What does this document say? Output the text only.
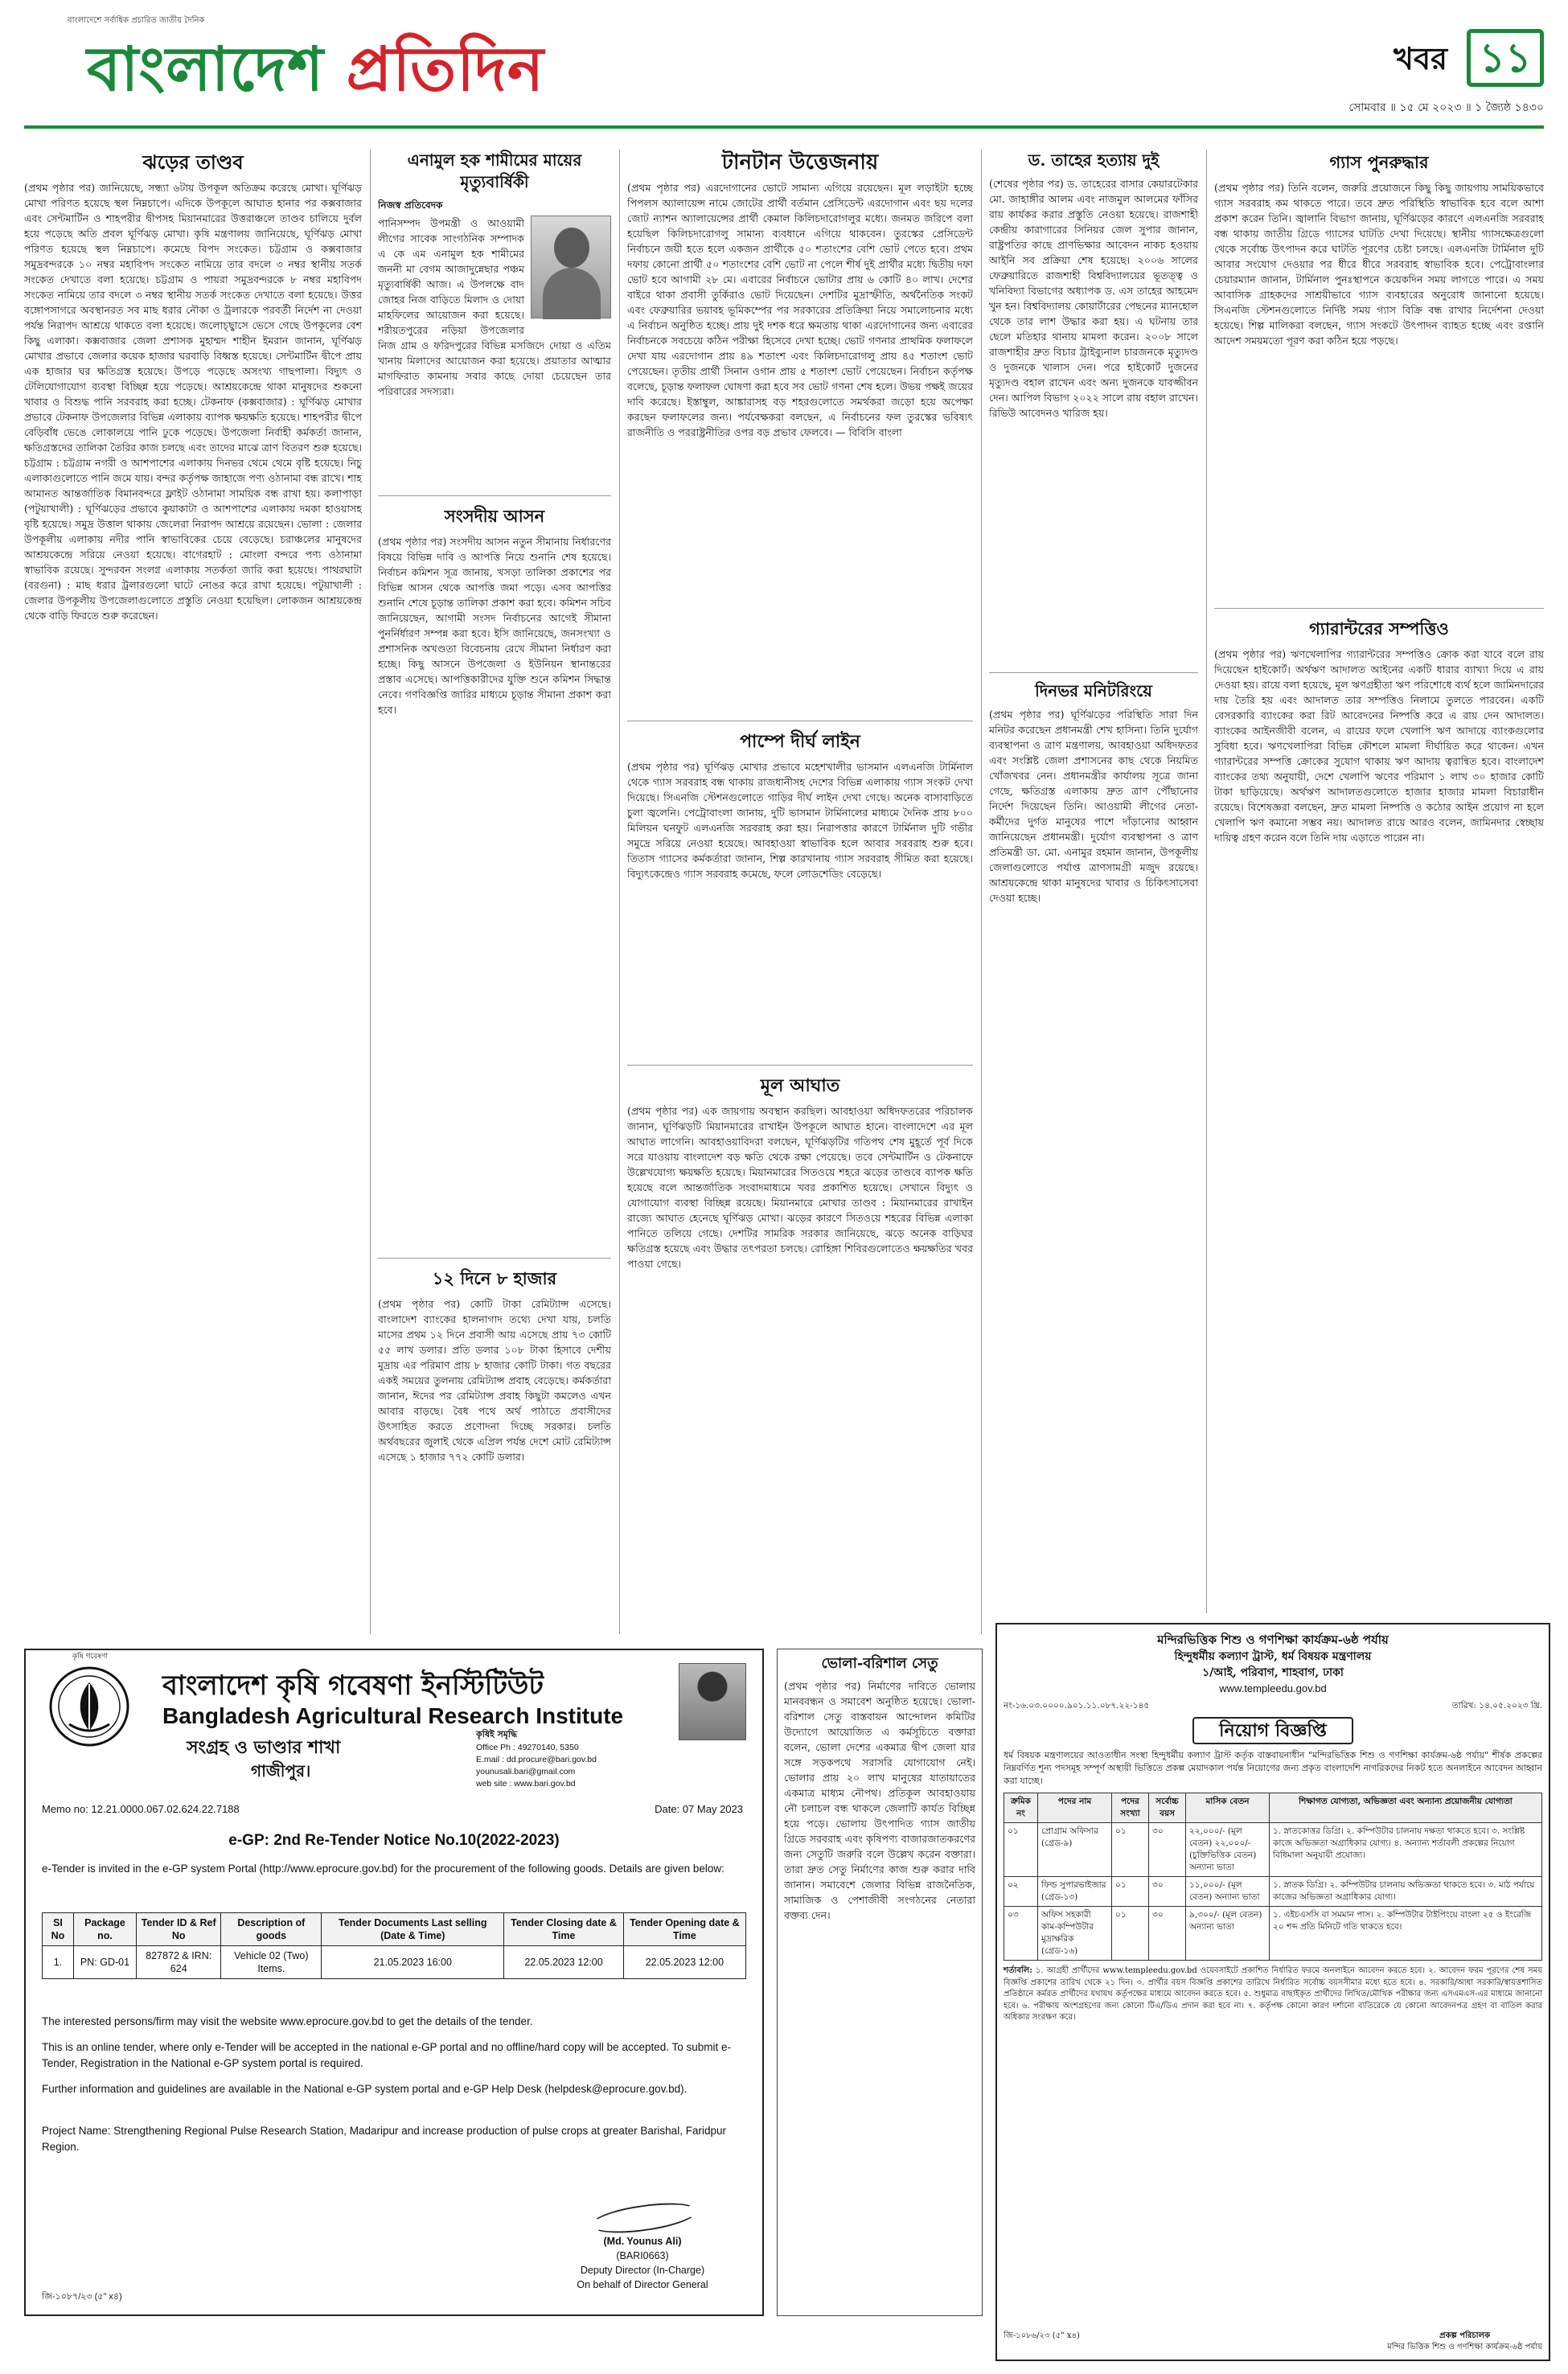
বাংলাদেশে সর্বাধিক প্রচারিত জাতীয় দৈনিক
বাংলাদেশ প্রতিদিন	খবর ১১
সোমবার ॥ ১৫ মে ২০২৩ ॥ ১ জ্যৈষ্ঠ ১৪৩০
ঝড়ের তাণ্ডব
(প্রথম পৃষ্ঠার পর) জানিয়েছে, সন্ধ্যা ৬টায় উপকূল অতিক্রম করেছে মোখা। ঘূর্ণিঝড় মোখা পরিণত হয়েছে স্থল নিম্নচাপে। এদিকে উপকূলে আঘাত হানার পর কক্সবাজার এবং সেন্টমার্টিন ও শাহপরীর দ্বীপসহ মিয়ানমারের উত্তরাঞ্চলে তাণ্ডব চালিয়ে দুর্বল হয়ে পড়েছে অতি প্রবল ঘূর্ণিঝড় মোখা। কৃষি মন্ত্রণালয় জানিয়েছে, ঘূর্ণিঝড় মোখা পরিণত হয়েছে স্থল নিম্নচাপে। কমেছে বিপদ সংকেত। চট্টগ্রাম ও কক্সবাজার সমুদ্রবন্দরকে ১০ নম্বর মহাবিপদ সংকেত নামিয়ে তার বদলে ৩ নম্বর স্থানীয় সতর্ক সংকেত দেখাতে বলা হয়েছে। চট্টগ্রাম ও পায়রা সমুদ্রবন্দরকে ৮ নম্বর মহাবিপদ সংকেত নামিয়ে তার বদলে ৩ নম্বর স্থানীয় সতর্ক সংকেত দেখাতে বলা হয়েছে। উত্তর বঙ্গোপসাগরে অবস্থানরত সব মাছ ধরার নৌকা ও ট্রলারকে পরবর্তী নির্দেশ না দেওয়া পর্যন্ত নিরাপদ আশ্রয়ে থাকতে বলা হয়েছে। জলোচ্ছ্বাসে ভেসে গেছে উপকূলের বেশ কিছু এলাকা। কক্সবাজার জেলা প্রশাসক মুহাম্মদ শাহীন ইমরান জানান, ঘূর্ণিঝড় মোখার প্রভাবে জেলার কয়েক হাজার ঘরবাড়ি বিধ্বস্ত হয়েছে। সেন্টমার্টিন দ্বীপে প্রায় এক হাজার ঘর ক্ষতিগ্রস্ত হয়েছে। উপড়ে পড়েছে অসংখ্য গাছপালা। বিদ্যুৎ ও টেলিযোগাযোগ ব্যবস্থা বিচ্ছিন্ন হয়ে পড়েছে। আশ্রয়কেন্দ্রে থাকা মানুষদের শুকনো খাবার ও বিশুদ্ধ পানি সরবরাহ করা হচ্ছে। টেকনাফ (কক্সবাজার) : ঘূর্ণিঝড় মোখার প্রভাবে টেকনাফ উপজেলার বিভিন্ন এলাকায় ব্যাপক ক্ষয়ক্ষতি হয়েছে। শাহপরীর দ্বীপে বেড়িবাঁধ ভেঙে লোকালয়ে পানি ঢুকে পড়েছে। উপজেলা নির্বাহী কর্মকর্তা জানান, ক্ষতিগ্রস্তদের তালিকা তৈরির কাজ চলছে এবং তাদের মাঝে ত্রাণ বিতরণ শুরু হয়েছে। চট্টগ্রাম : চট্টগ্রাম নগরী ও আশপাশের এলাকায় দিনভর থেমে থেমে বৃষ্টি হয়েছে। নিচু এলাকাগুলোতে পানি জমে যায়। বন্দর কর্তৃপক্ষ জাহাজে পণ্য ওঠানামা বন্ধ রাখে। শাহ আমানত আন্তর্জাতিক বিমানবন্দরে ফ্লাইট ওঠানামা সাময়িক বন্ধ রাখা হয়। কলাপাড়া (পটুয়াখালী) : ঘূর্ণিঝড়ের প্রভাবে কুয়াকাটা ও আশপাশের এলাকায় দমকা হাওয়াসহ বৃষ্টি হয়েছে। সমুদ্র উত্তাল থাকায় জেলেরা নিরাপদ আশ্রয়ে রয়েছেন। ভোলা : জেলার উপকূলীয় এলাকায় নদীর পানি স্বাভাবিকের চেয়ে বেড়েছে। চরাঞ্চলের মানুষদের আশ্রয়কেন্দ্রে সরিয়ে নেওয়া হয়েছে। বাগেরহাট : মোংলা বন্দরে পণ্য ওঠানামা স্বাভাবিক রয়েছে। সুন্দরবন সংলগ্ন এলাকায় সতর্কতা জারি করা হয়েছে। পাথরঘাটা (বরগুনা) : মাছ ধরার ট্রলারগুলো ঘাটে নোঙর করে রাখা হয়েছে। পটুয়াখালী : জেলার উপকূলীয় উপজেলাগুলোতে প্রস্তুতি নেওয়া হয়েছিল। লোকজন আশ্রয়কেন্দ্র থেকে বাড়ি ফিরতে শুরু করেছেন।
এনামুল হক শামীমের মায়ের মৃত্যুবার্ষিকী
নিজস্ব প্রতিবেদক
পানিসম্পদ উপমন্ত্রী ও আওয়ামী লীগের সাবেক সাংগঠনিক সম্পাদক এ কে এম এনামুল হক শামীমের জননী মা বেগম আজাদুন্নেছার পঞ্চম মৃত্যুবার্ষিকী আজ। এ উপলক্ষে বাদ জোহর নিজ বাড়িতে মিলাদ ও দোয়া মাহফিলের আয়োজন করা হয়েছে। শরীয়তপুরের নড়িয়া উপজেলার নিজ গ্রাম ও ফরিদপুরের বিভিন্ন মসজিদে দোয়া ও এতিম খানায় মিলাদের আয়োজন করা হয়েছে। প্রয়াতার আত্মার মাগফিরাত কামনায় সবার কাছে দোয়া চেয়েছেন তার পরিবারের সদস্যরা।
সংসদীয় আসন
(প্রথম পৃষ্ঠার পর) সংসদীয় আসন নতুন সীমানায় নির্ধারণের বিষয়ে বিভিন্ন দাবি ও আপত্তি নিয়ে শুনানি শেষ হয়েছে। নির্বাচন কমিশন সূত্র জানায়, খসড়া তালিকা প্রকাশের পর বিভিন্ন আসন থেকে আপত্তি জমা পড়ে। এসব আপত্তির শুনানি শেষে চূড়ান্ত তালিকা প্রকাশ করা হবে। কমিশন সচিব জানিয়েছেন, আগামী সংসদ নির্বাচনের আগেই সীমানা পুনর্নির্ধারণ সম্পন্ন করা হবে। ইসি জানিয়েছে, জনসংখ্যা ও প্রশাসনিক অখণ্ডতা বিবেচনায় রেখে সীমানা নির্ধারণ করা হচ্ছে। কিছু আসনে উপজেলা ও ইউনিয়ন স্থানান্তরের প্রস্তাব এসেছে। আপত্তিকারীদের যুক্তি শুনে কমিশন সিদ্ধান্ত নেবে। গণবিজ্ঞপ্তি জারির মাধ্যমে চূড়ান্ত সীমানা প্রকাশ করা হবে।
১২ দিনে ৮ হাজার
(প্রথম পৃষ্ঠার পর) কোটি টাকা রেমিট্যান্স এসেছে। বাংলাদেশ ব্যাংকের হালনাগাদ তথ্যে দেখা যায়, চলতি মাসের প্রথম ১২ দিনে প্রবাসী আয় এসেছে প্রায় ৭৩ কোটি ৫৫ লাখ ডলার। প্রতি ডলার ১০৮ টাকা হিসাবে দেশীয় মুদ্রায় এর পরিমাণ প্রায় ৮ হাজার কোটি টাকা। গত বছরের একই সময়ের তুলনায় রেমিট্যান্স প্রবাহ বেড়েছে। কর্মকর্তারা জানান, ঈদের পর রেমিট্যান্স প্রবাহ কিছুটা কমলেও এখন আবার বাড়ছে। বৈধ পথে অর্থ পাঠাতে প্রবাসীদের উৎসাহিত করতে প্রণোদনা দিচ্ছে সরকার। চলতি অর্থবছরের জুলাই থেকে এপ্রিল পর্যন্ত দেশে মোট রেমিট্যান্স এসেছে ১ হাজার ৭৭২ কোটি ডলার।
টানটান উত্তেজনায়
(প্রথম পৃষ্ঠার পর) এরদোগানের ভোটে সামান্য এগিয়ে রয়েছেন। মূল লড়াইটা হচ্ছে পিপলস অ্যালায়েন্স নামে জোটের প্রার্থী বর্তমান প্রেসিডেন্ট এরদোগান এবং ছয় দলের জোট ন্যাশন অ্যালায়েন্সের প্রার্থী কেমাল কিলিচদারোগলুর মধ্যে। জনমত জরিপে বলা হয়েছিল কিলিচদারোগলু সামান্য ব্যবধানে এগিয়ে থাকবেন। তুরস্কের প্রেসিডেন্ট নির্বাচনে জয়ী হতে হলে একজন প্রার্থীকে ৫০ শতাংশের বেশি ভোট পেতে হবে। প্রথম দফায় কোনো প্রার্থী ৫০ শতাংশের বেশি ভোট না পেলে শীর্ষ দুই প্রার্থীর মধ্যে দ্বিতীয় দফা ভোট হবে আগামী ২৮ মে। এবারের নির্বাচনে ভোটার প্রায় ৬ কোটি ৪০ লাখ। দেশের বাইরে থাকা প্রবাসী তুর্কিরাও ভোট দিয়েছেন। দেশটির মুদ্রাস্ফীতি, অর্থনৈতিক সংকট এবং ফেব্রুয়ারির ভয়াবহ ভূমিকম্পের পর সরকারের প্রতিক্রিয়া নিয়ে সমালোচনার মধ্যে এ নির্বাচন অনুষ্ঠিত হচ্ছে। প্রায় দুই দশক ধরে ক্ষমতায় থাকা এরদোগানের জন্য এবারের নির্বাচনকে সবচেয়ে কঠিন পরীক্ষা হিসেবে দেখা হচ্ছে। ভোট গণনার প্রাথমিক ফলাফলে দেখা যায় এরদোগান প্রায় ৪৯ শতাংশ এবং কিলিচদারোগলু প্রায় ৪৫ শতাংশ ভোট পেয়েছেন। তৃতীয় প্রার্থী সিনান ওগান প্রায় ৫ শতাংশ ভোট পেয়েছেন। নির্বাচন কর্তৃপক্ষ বলেছে, চূড়ান্ত ফলাফল ঘোষণা করা হবে সব ভোট গণনা শেষ হলে। উভয় পক্ষই জয়ের দাবি করেছে। ইস্তাম্বুল, আঙ্কারাসহ বড় শহরগুলোতে সমর্থকরা জড়ো হয়ে অপেক্ষা করছেন ফলাফলের জন্য। পর্যবেক্ষকরা বলছেন, এ নির্বাচনের ফল তুরস্কের ভবিষ্যৎ রাজনীতি ও পররাষ্ট্রনীতির ওপর বড় প্রভাব ফেলবে। — বিবিসি বাংলা
পাম্পে দীর্ঘ লাইন
(প্রথম পৃষ্ঠার পর) ঘূর্ণিঝড় মোখার প্রভাবে মহেশখালীর ভাসমান এলএনজি টার্মিনাল থেকে গ্যাস সরবরাহ বন্ধ থাকায় রাজধানীসহ দেশের বিভিন্ন এলাকায় গ্যাস সংকট দেখা দিয়েছে। সিএনজি স্টেশনগুলোতে গাড়ির দীর্ঘ লাইন দেখা গেছে। অনেক বাসাবাড়িতে চুলা জ্বলেনি। পেট্রোবাংলা জানায়, দুটি ভাসমান টার্মিনালের মাধ্যমে দৈনিক প্রায় ৮০০ মিলিয়ন ঘনফুট এলএনজি সরবরাহ করা হয়। নিরাপত্তার কারণে টার্মিনাল দুটি গভীর সমুদ্রে সরিয়ে নেওয়া হয়েছে। আবহাওয়া স্বাভাবিক হলে আবার সরবরাহ শুরু হবে। তিতাস গ্যাসের কর্মকর্তারা জানান, শিল্প কারখানায় গ্যাস সরবরাহ সীমিত করা হয়েছে। বিদ্যুৎকেন্দ্রেও গ্যাস সরবরাহ কমেছে, ফলে লোডশেডিং বেড়েছে।
মূল আঘাত
(প্রথম পৃষ্ঠার পর) এক জায়গায় অবস্থান করছিল। আবহাওয়া অধিদফতরের পরিচালক জানান, ঘূর্ণিঝড়টি মিয়ানমারের রাখাইন উপকূলে আঘাত হানে। বাংলাদেশে এর মূল আঘাত লাগেনি। আবহাওয়াবিদরা বলছেন, ঘূর্ণিঝড়টির গতিপথ শেষ মুহূর্তে পূর্ব দিকে সরে যাওয়ায় বাংলাদেশ বড় ক্ষতি থেকে রক্ষা পেয়েছে। তবে সেন্টমার্টিন ও টেকনাফে উল্লেখযোগ্য ক্ষয়ক্ষতি হয়েছে। মিয়ানমারের সিতওয়ে শহরে ঝড়ের তাণ্ডবে ব্যাপক ক্ষতি হয়েছে বলে আন্তর্জাতিক সংবাদমাধ্যমে খবর প্রকাশিত হয়েছে। সেখানে বিদ্যুৎ ও যোগাযোগ ব্যবস্থা বিচ্ছিন্ন রয়েছে। মিয়ানমারে মোখার তাণ্ডব : মিয়ানমারের রাখাইন রাজ্যে আঘাত হেনেছে ঘূর্ণিঝড় মোখা। ঝড়ের কারণে সিতওয়ে শহরের বিভিন্ন এলাকা পানিতে তলিয়ে গেছে। দেশটির সামরিক সরকার জানিয়েছে, ঝড়ে অনেক বাড়িঘর ক্ষতিগ্রস্ত হয়েছে এবং উদ্ধার তৎপরতা চলছে। রোহিঙ্গা শিবিরগুলোতেও ক্ষয়ক্ষতির খবর পাওয়া গেছে।
ড. তাহের হত্যায় দুই
(শেষের পৃষ্ঠার পর) ড. তাহেরের বাসার কেয়ারটেকার মো. জাহাঙ্গীর আলম এবং নাজমুল আলমের ফাঁসির রায় কার্যকর করার প্রস্তুতি নেওয়া হয়েছে। রাজশাহী কেন্দ্রীয় কারাগারের সিনিয়র জেল সুপার জানান, রাষ্ট্রপতির কাছে প্রাণভিক্ষার আবেদন নাকচ হওয়ায় আইনি সব প্রক্রিয়া শেষ হয়েছে। ২০০৬ সালের ফেব্রুয়ারিতে রাজশাহী বিশ্ববিদ্যালয়ের ভূতত্ত্ব ও খনিবিদ্যা বিভাগের অধ্যাপক ড. এস তাহের আহমেদ খুন হন। বিশ্ববিদ্যালয় কোয়ার্টারের পেছনের ম্যানহোল থেকে তার লাশ উদ্ধার করা হয়। এ ঘটনায় তার ছেলে মতিহার থানায় মামলা করেন। ২০০৮ সালে রাজশাহীর দ্রুত বিচার ট্রাইব্যুনাল চারজনকে মৃত্যুদণ্ড ও দুজনকে খালাস দেন। পরে হাইকোর্ট দুজনের মৃত্যুদণ্ড বহাল রাখেন এবং অন্য দুজনকে যাবজ্জীবন দেন। আপিল বিভাগ ২০২২ সালে রায় বহাল রাখেন। রিভিউ আবেদনও খারিজ হয়।
দিনভর মনিটরিংয়ে
(প্রথম পৃষ্ঠার পর) ঘূর্ণিঝড়ের পরিস্থিতি সারা দিন মনিটর করেছেন প্রধানমন্ত্রী শেখ হাসিনা। তিনি দুর্যোগ ব্যবস্থাপনা ও ত্রাণ মন্ত্রণালয়, আবহাওয়া অধিদফতর এবং সংশ্লিষ্ট জেলা প্রশাসনের কাছ থেকে নিয়মিত খোঁজখবর নেন। প্রধানমন্ত্রীর কার্যালয় সূত্রে জানা গেছে, ক্ষতিগ্রস্ত এলাকায় দ্রুত ত্রাণ পৌঁছানোর নির্দেশ দিয়েছেন তিনি। আওয়ামী লীগের নেতা-কর্মীদের দুর্গত মানুষের পাশে দাঁড়ানোর আহ্বান জানিয়েছেন প্রধানমন্ত্রী। দুর্যোগ ব্যবস্থাপনা ও ত্রাণ প্রতিমন্ত্রী ডা. মো. এনামুর রহমান জানান, উপকূলীয় জেলাগুলোতে পর্যাপ্ত ত্রাণসামগ্রী মজুদ রয়েছে। আশ্রয়কেন্দ্রে থাকা মানুষদের খাবার ও চিকিৎসাসেবা দেওয়া হচ্ছে।
গ্যাস পুনরুদ্ধার
(প্রথম পৃষ্ঠার পর) তিনি বলেন, জরুরি প্রয়োজনে কিছু কিছু জায়গায় সাময়িকভাবে গ্যাস সরবরাহ কম থাকতে পারে। তবে দ্রুত পরিস্থিতি স্বাভাবিক হবে বলে আশা প্রকাশ করেন তিনি। জ্বালানি বিভাগ জানায়, ঘূর্ণিঝড়ের কারণে এলএনজি সরবরাহ বন্ধ থাকায় জাতীয় গ্রিডে গ্যাসের ঘাটতি দেখা দিয়েছে। স্থানীয় গ্যাসক্ষেত্রগুলো থেকে সর্বোচ্চ উৎপাদন করে ঘাটতি পূরণের চেষ্টা চলছে। এলএনজি টার্মিনাল দুটি আবার সংযোগ দেওয়ার পর ধীরে ধীরে সরবরাহ স্বাভাবিক হবে। পেট্রোবাংলার চেয়ারম্যান জানান, টার্মিনাল পুনঃস্থাপনে কয়েকদিন সময় লাগতে পারে। এ সময় আবাসিক গ্রাহকদের সাশ্রয়ীভাবে গ্যাস ব্যবহারের অনুরোধ জানানো হয়েছে। সিএনজি স্টেশনগুলোতে নির্দিষ্ট সময় গ্যাস বিক্রি বন্ধ রাখার নির্দেশনা দেওয়া হয়েছে। শিল্প মালিকরা বলছেন, গ্যাস সংকটে উৎপাদন ব্যাহত হচ্ছে এবং রপ্তানি আদেশ সময়মতো পূরণ করা কঠিন হয়ে পড়ছে।
গ্যারান্টরের সম্পত্তিও
(প্রথম পৃষ্ঠার পর) ঋণখেলাপির গ্যারান্টরের সম্পত্তিও ক্রোক করা যাবে বলে রায় দিয়েছেন হাইকোর্ট। অর্থঋণ আদালত আইনের একটি ধারার ব্যাখ্যা দিয়ে এ রায় দেওয়া হয়। রায়ে বলা হয়েছে, মূল ঋণগ্রহীতা ঋণ পরিশোধে ব্যর্থ হলে জামিনদারের দায় তৈরি হয় এবং আদালত তার সম্পত্তিও নিলামে তুলতে পারবেন। একটি বেসরকারি ব্যাংকের করা রিট আবেদনের নিষ্পত্তি করে এ রায় দেন আদালত। ব্যাংকের আইনজীবী বলেন, এ রায়ের ফলে খেলাপি ঋণ আদায়ে ব্যাংকগুলোর সুবিধা হবে। ঋণখেলাপিরা বিভিন্ন কৌশলে মামলা দীর্ঘায়িত করে থাকেন। এখন গ্যারান্টরের সম্পত্তি ক্রোকের সুযোগ থাকায় ঋণ আদায় ত্বরান্বিত হবে। বাংলাদেশ ব্যাংকের তথ্য অনুযায়ী, দেশে খেলাপি ঋণের পরিমাণ ১ লাখ ৩০ হাজার কোটি টাকা ছাড়িয়েছে। অর্থঋণ আদালতগুলোতে হাজার হাজার মামলা বিচারাধীন রয়েছে। বিশেষজ্ঞরা বলছেন, দ্রুত মামলা নিষ্পত্তি ও কঠোর আইন প্রয়োগ না হলে খেলাপি ঋণ কমানো সম্ভব নয়। আদালত রায়ে আরও বলেন, জামিনদার স্বেচ্ছায় দায়িত্ব গ্রহণ করেন বলে তিনি দায় এড়াতে পারেন না।
ভোলা-বরিশাল সেতু
(প্রথম পৃষ্ঠার পর) নির্মাণের দাবিতে ভোলায় মানববন্ধন ও সমাবেশ অনুষ্ঠিত হয়েছে। ভোলা-বরিশাল সেতু বাস্তবায়ন আন্দোলন কমিটির উদ্যোগে আয়োজিত এ কর্মসূচিতে বক্তারা বলেন, ভোলা দেশের একমাত্র দ্বীপ জেলা যার সঙ্গে সড়কপথে সরাসরি যোগাযোগ নেই। ভোলার প্রায় ২০ লাখ মানুষের যাতায়াতের একমাত্র মাধ্যম নৌপথ। প্রতিকূল আবহাওয়ায় নৌ চলাচল বন্ধ থাকলে জেলাটি কার্যত বিচ্ছিন্ন হয়ে পড়ে। ভোলায় উৎপাদিত গ্যাস জাতীয় গ্রিডে সরবরাহ এবং কৃষিপণ্য বাজারজাতকরণের জন্য সেতুটি জরুরি বলে উল্লেখ করেন বক্তারা। তারা দ্রুত সেতু নির্মাণের কাজ শুরু করার দাবি জানান। সমাবেশে জেলার বিভিন্ন রাজনৈতিক, সামাজিক ও পেশাজীবী সংগঠনের নেতারা বক্তব্য দেন।
কৃষি গবেষণা
বাংলাদেশ কৃষি গবেষণা ইনস্টিটিউট
Bangladesh Agricultural Research Institute
সংগ্রহ ও ভাণ্ডার শাখা
গাজীপুর।
কৃষিই সমৃদ্ধি
Office Ph : 49270140, 5350
E.mail : dd.procure@bari.gov.bd
younusali.bari@gmail.com
web site : www.bari.gov.bd
Memo no: 12.21.0000.067.02.624.22.7188	Date: 07 May 2023
e-GP: 2nd Re-Tender Notice No.10(2022-2023)
e-Tender is invited in the e-GP system Portal (http://www.eprocure.gov.bd) for the procurement of the following goods. Details are given below:
SI No	Package no.	Tender ID & Ref No	Description of goods	Tender Documents Last selling (Date & Time)	Tender Closing date & Time	Tender Opening date & Time
1.	PN: GD-01	827872 & IRN: 624	Vehicle 02 (Two) Items.	21.05.2023 16:00	22.05.2023 12:00	22.05.2023 12:00
The interested persons/firm may visit the website www.eprocure.gov.bd to get the details of the tender.
This is an online tender, where only e-Tender will be accepted in the national e-GP portal and no offline/hard copy will be accepted. To submit e-Tender, Registration in the National e-GP system portal is required.
Further information and guidelines are available in the National e-GP system portal and e-GP Help Desk (helpdesk@eprocure.gov.bd).
Project Name: Strengthening Regional Pulse Research Station, Madaripur and increase production of pulse crops at greater Barishal, Faridpur Region.
(Md. Younus Ali)
(BARI0663)
Deputy Director (In-Charge)
On behalf of Director General
জি-১০৮৭/২৩ (৫" x৪)
মন্দিরভিত্তিক শিশু ও গণশিক্ষা কার্যক্রম-৬ষ্ঠ পর্যায়
হিন্দুধর্মীয় কল্যাণ ট্রাস্ট, ধর্ম বিষয়ক মন্ত্রণালয়
১/আই, পরিবাগ, শাহবাগ, ঢাকা
www.templeedu.gov.bd
নং-১৬.০৩.০০০০.৯০১.১১.০৮৭.২২-১৪৫	তারিখ: ১৪.০৫.২০২৩ খ্রি.
নিয়োগ বিজ্ঞপ্তি
ধর্ম বিষয়ক মন্ত্রণালয়ের আওতাধীন সংস্থা হিন্দুধর্মীয় কল্যাণ ট্রাস্ট কর্তৃক বাস্তবায়নাধীন "মন্দিরভিত্তিক শিশু ও গণশিক্ষা কার্যক্রম-৬ষ্ঠ পর্যায়" শীর্ষক প্রকল্পের নিম্নবর্ণিত শূন্য পদসমূহ সম্পূর্ণ অস্থায়ী ভিত্তিতে প্রকল্প মেয়াদকাল পর্যন্ত নিয়োগের জন্য প্রকৃত বাংলাদেশি নাগরিকদের নিকট হতে অনলাইনে আবেদন আহ্বান করা যাচ্ছে।
ক্রমিক নং	পদের নাম	পদের সংখ্যা	সর্বোচ্চ বয়স	মাসিক বেতন	শিক্ষাগত যোগ্যতা, অভিজ্ঞতা এবং অন্যান্য প্রয়োজনীয় যোগ্যতা
০১	প্রোগ্রাম অফিসার (গ্রেড-৯)	০১	৩০	২২,০০০/- (মূল বেতন) ২২,০০০/- (চুক্তিভিত্তিক বেতন) অন্যান্য ভাতা	১. স্নাতকোত্তর ডিগ্রি। ২. কম্পিউটার চালনায় দক্ষতা থাকতে হবে। ৩. সংশ্লিষ্ট কাজে অভিজ্ঞতা অগ্রাধিকার যোগ্য। ৪. অন্যান্য শর্তাবলী প্রকল্পের নিয়োগ বিধিমালা অনুযায়ী প্রযোজ্য।
০২	ফিল্ড সুপারভাইজার (গ্রেড-১৩)	০১	৩০	১১,০০০/- (মূল বেতন) অন্যান্য ভাতা	১. স্নাতক ডিগ্রি। ২. কম্পিউটার চালনায় অভিজ্ঞতা থাকতে হবে। ৩. মাঠ পর্যায়ে কাজের অভিজ্ঞতা অগ্রাধিকার যোগ্য।
০৩	অফিস সহকারী কাম-কম্পিউটার মুদ্রাক্ষরিক (গ্রেড-১৬)	০১	৩০	৯,৩০০/- (মূল বেতন) অন্যান্য ভাতা	১. এইচএসসি বা সমমান পাস। ২. কম্পিউটার টাইপিংয়ে বাংলা ২৫ ও ইংরেজি ২০ শব্দ প্রতি মিনিটে গতি থাকতে হবে।
শর্তাবলি: ১. আগ্রহী প্রার্থীদের www.templeedu.gov.bd ওয়েবসাইটে প্রকাশিত নির্ধারিত ফরমে অনলাইনে আবেদন করতে হবে। ২. আবেদন ফরম পূরণের শেষ সময় বিজ্ঞপ্তি প্রকাশের তারিখ থেকে ২১ দিন। ৩. প্রার্থীর বয়স বিজ্ঞপ্তি প্রকাশের তারিখে নির্ধারিত সর্বোচ্চ বয়সসীমার মধ্যে হতে হবে। ৪. সরকারি/আধা সরকারি/স্বায়ত্তশাসিত প্রতিষ্ঠানে কর্মরত প্রার্থীদের যথাযথ কর্তৃপক্ষের মাধ্যমে আবেদন করতে হবে। ৫. শুধুমাত্র বাছাইকৃত প্রার্থীদের লিখিত/মৌখিক পরীক্ষার জন্য এসএমএস-এর মাধ্যমে জানানো হবে। ৬. পরীক্ষায় অংশগ্রহণের জন্য কোনো টিএ/ডিএ প্রদান করা হবে না। ৭. কর্তৃপক্ষ কোনো কারণ দর্শানো ব্যতিরেকে যে কোনো আবেদনপত্র গ্রহণ বা বাতিল করার অধিকার সংরক্ষণ করে।
জি-১০৮৬/২৩ (৫" x৪)	প্রকল্প পরিচালক
মন্দির ভিত্তিক শিশু ও গণশিক্ষা কার্যক্রম-৬ষ্ঠ পর্যায়
